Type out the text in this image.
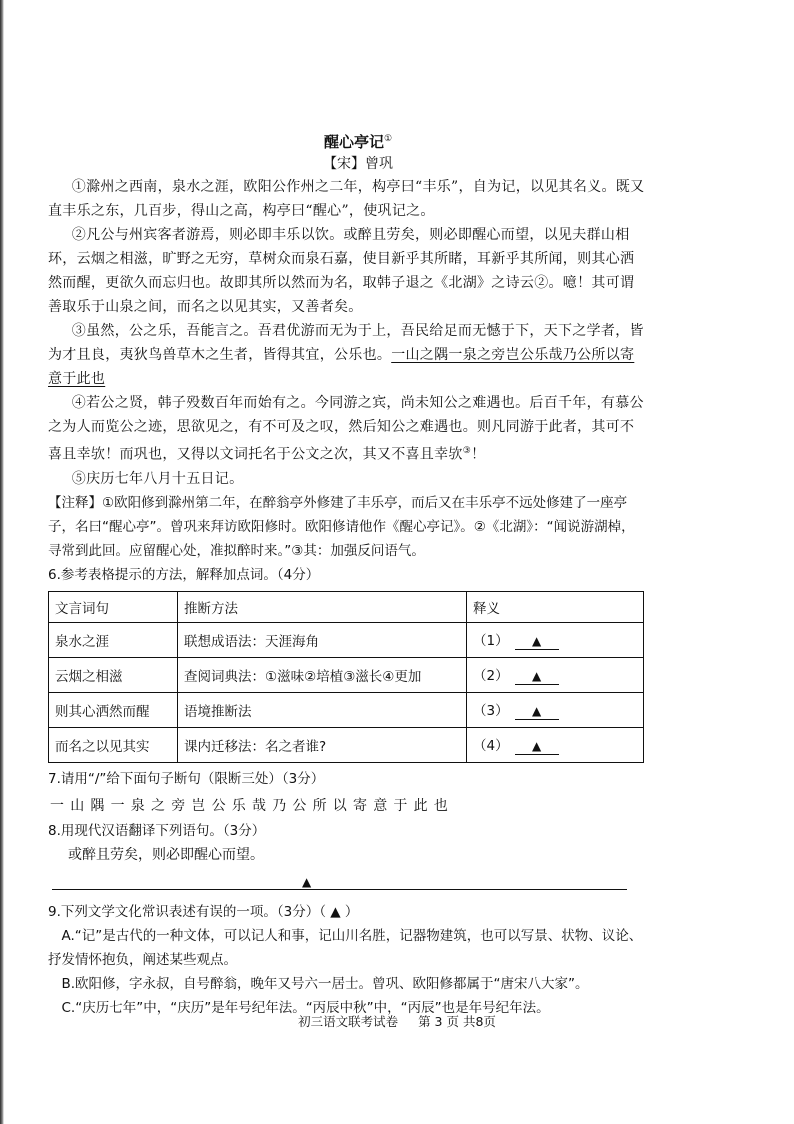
醒心亭记①
【宋】曾巩

①滁州之西南，泉水之涯，欧阳公作州之二年，构亭曰“丰乐”，自为记，以见其名义。既又直丰乐之东，几百步，得山之高，构亭曰“醒心”，使巩记之。

②凡公与州宾客者游焉，则必即丰乐以饮。或醉且劳矣，则必即醒心而望，以见夫群山相环，云烟之相滋，旷野之无穷，草树众而泉石嘉，使目新乎其所睹，耳新乎其所闻，则其心洒然而醒，更欲久而忘归也。故即其所以然而为名，取韩子退之《北湖》之诗云②。噫！其可谓善取乐于山泉之间，而名之以见其实，又善者矣。

③虽然，公之乐，吾能言之。吾君优游而无为于上，吾民给足而无憾于下，天下之学者，皆为才且良，夷狄鸟兽草木之生者，皆得其宜，公乐也。一山之隅一泉之旁岂公乐哉乃公所以寄意于此也

④若公之贤，韩子殁数百年而始有之。今同游之宾，尚未知公之难遇也。后百千年，有慕公之为人而览公之迹，思欲见之，有不可及之叹，然后知公之难遇也。则凡同游于此者，其可不喜且幸欤！而巩也，又得以文词托名于公文之次，其又不喜且幸欤③！

⑤庆历七年八月十五日记。

【注释】①欧阳修到滁州第二年，在醉翁亭外修建了丰乐亭，而后又在丰乐亭不远处修建了一座亭子，名曰“醒心亭”。曾巩来拜访欧阳修时。欧阳修请他作《醒心亭记》。②《北湖》：“闻说游湖棹，寻常到此回。应留醒心处，准拟醉时来。”③其：加强反问语气。

6.参考表格提示的方法，解释加点词。（4分）

文言词句	推断方法	释义
泉水之涯	联想成语法：天涯海角	（1） ▲
云烟之相滋	查阅词典法：①滋味②培植③滋长④更加	（2） ▲
则其心洒然而醒	语境推断法	（3） ▲
而名之以见其实	课内迁移法：名之者谁?	（4） ▲

7.请用“/”给下面句子断句（限断三处）（3分）

一山隅一泉之旁岂公乐哉乃公所以寄意于此也

8.用现代汉语翻译下列语句。（3分）

或醉且劳矣，则必即醒心而望。

▲

9.下列文学文化常识表述有误的一项。（3分）（ ▲ ）

A.“记”是古代的一种文体，可以记人和事，记山川名胜，记器物建筑，也可以写景、状物、议论、抒发情怀抱负，阐述某些观点。

B.欧阳修，字永叔，自号醉翁，晚年又号六一居士。曾巩、欧阳修都属于“唐宋八大家”。

C.“庆历七年”中，“庆历”是年号纪年法。“丙辰中秋”中，“丙辰”也是年号纪年法。

初三语文联考试卷 第 3 页 共8页
